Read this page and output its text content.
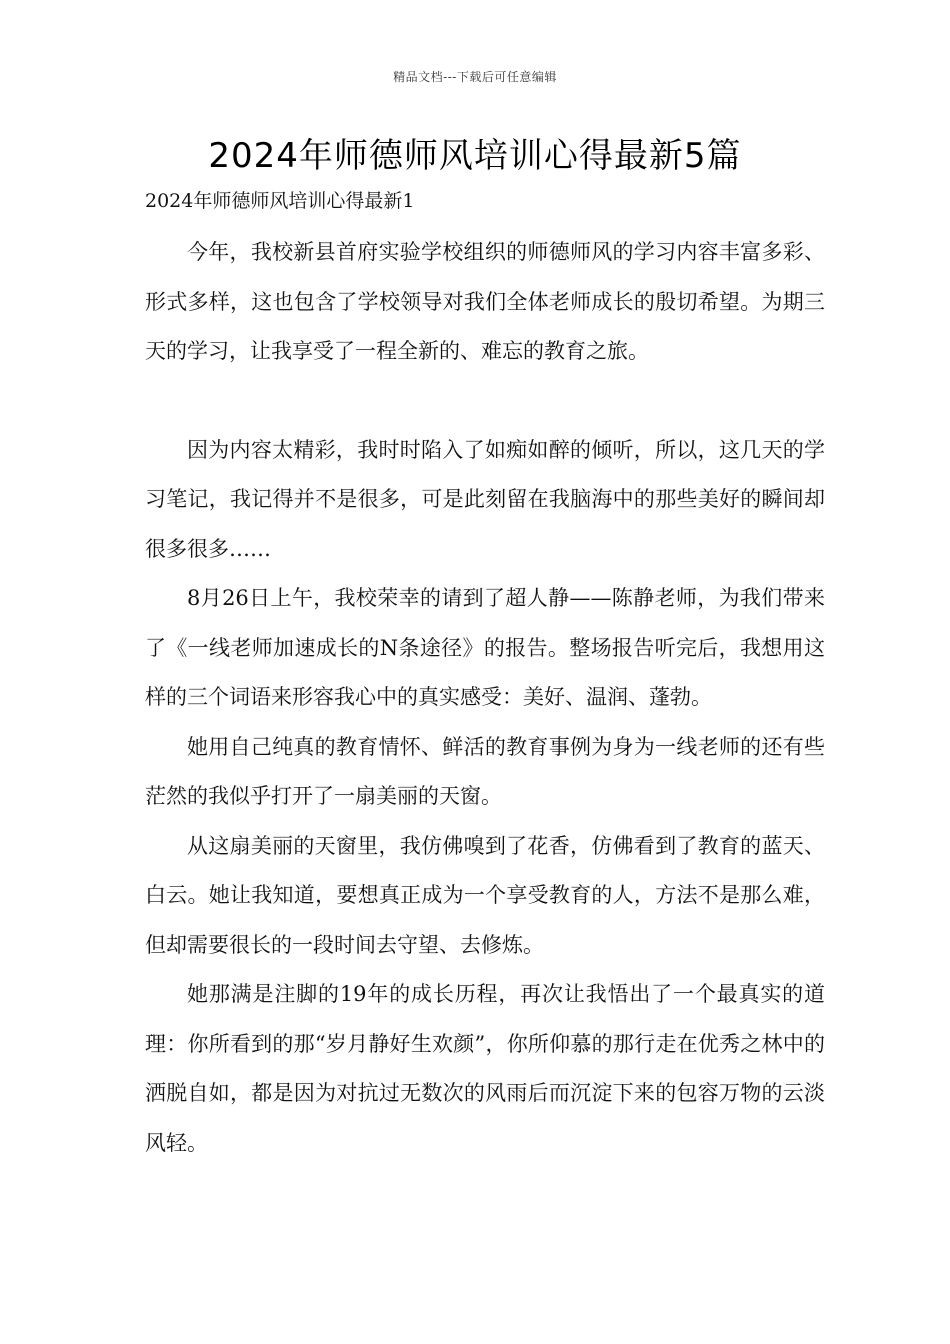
精品文档---下载后可任意编辑
2024年师德师风培训心得最新5篇
2024年师德师风培训心得最新1

今年，我校新县首府实验学校组织的师德师风的学习内容丰富多彩、形式多样，这也包含了学校领导对我们全体老师成长的殷切希望。为期三天的学习，让我享受了一程全新的、难忘的教育之旅。

因为内容太精彩，我时时陷入了如痴如醉的倾听，所以，这几天的学习笔记，我记得并不是很多，可是此刻留在我脑海中的那些美好的瞬间却很多很多……

8月26日上午，我校荣幸的请到了超人静——陈静老师，为我们带来了《一线老师加速成长的N条途径》的报告。整场报告听完后，我想用这样的三个词语来形容我心中的真实感受：美好、温润、蓬勃。

她用自己纯真的教育情怀、鲜活的教育事例为身为一线老师的还有些茫然的我似乎打开了一扇美丽的天窗。

从这扇美丽的天窗里，我仿佛嗅到了花香，仿佛看到了教育的蓝天、白云。她让我知道，要想真正成为一个享受教育的人，方法不是那么难，但却需要很长的一段时间去守望、去修炼。

她那满是注脚的19年的成长历程，再次让我悟出了一个最真实的道理：你所看到的那“岁月静好生欢颜”，你所仰慕的那行走在优秀之林中的洒脱自如，都是因为对抗过无数次的风雨后而沉淀下来的包容万物的云淡风轻。
